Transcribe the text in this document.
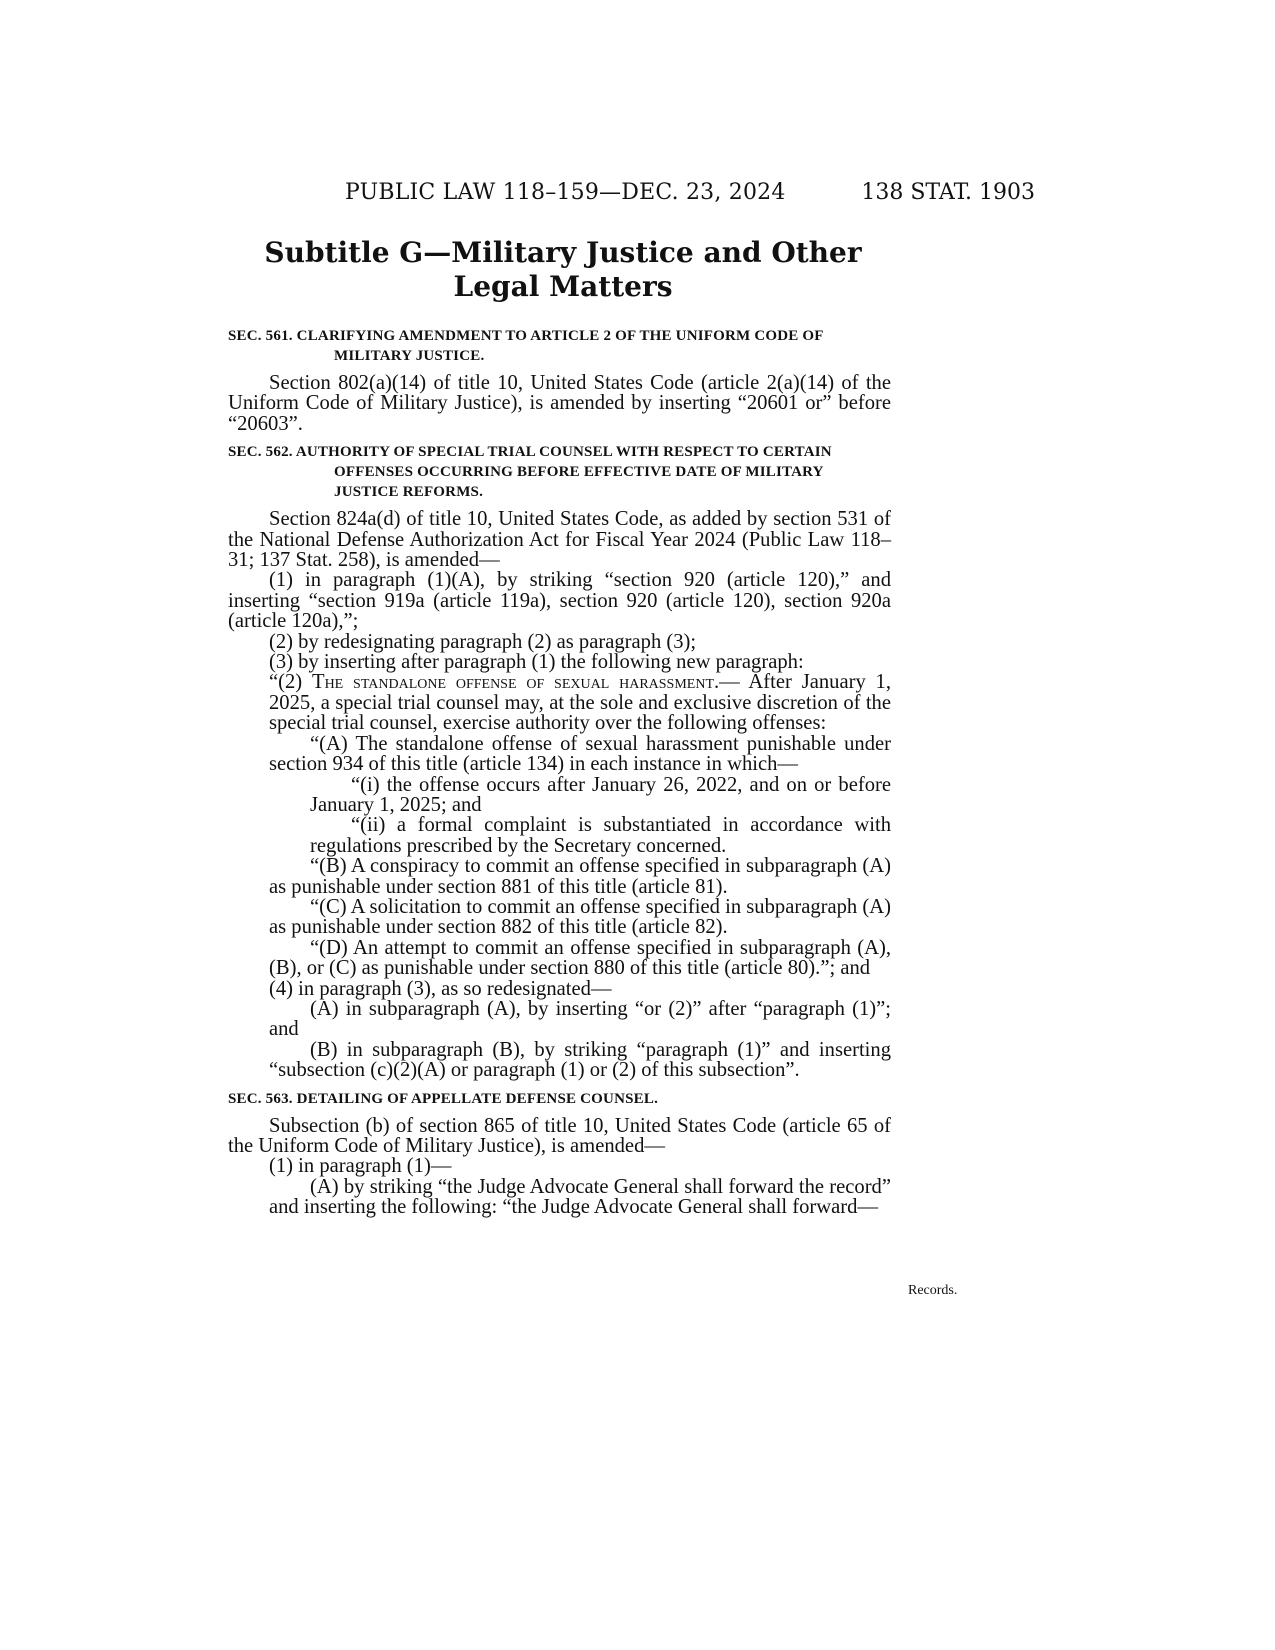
PUBLIC LAW 118–159—DEC. 23, 2024	138 STAT. 1903
Subtitle G—Military Justice and Other
Legal Matters
SEC. 561. CLARIFYING AMENDMENT TO ARTICLE 2 OF THE UNIFORM CODE OF MILITARY JUSTICE.

Section 802(a)(14) of title 10, United States Code (article 2(a)(14) of the Uniform Code of Military Justice), is amended by inserting “20601 or” before “20603”.

SEC. 562. AUTHORITY OF SPECIAL TRIAL COUNSEL WITH RESPECT TO CERTAIN OFFENSES OCCURRING BEFORE EFFECTIVE DATE OF MILITARY JUSTICE REFORMS.

Section 824a(d) of title 10, United States Code, as added by section 531 of the National Defense Authorization Act for Fiscal Year 2024 (Public Law 118–31; 137 Stat. 258), is amended—

(1) in paragraph (1)(A), by striking “section 920 (article 120),” and inserting “section 919a (article 119a), section 920 (article 120), section 920a (article 120a),”;

(2) by redesignating paragraph (2) as paragraph (3);

(3) by inserting after paragraph (1) the following new paragraph:

“(2) The standalone offense of sexual harassment.— After January 1, 2025, a special trial counsel may, at the sole and exclusive discretion of the special trial counsel, exercise authority over the following offenses:

“(A) The standalone offense of sexual harassment punishable under section 934 of this title (article 134) in each instance in which—

“(i) the offense occurs after January 26, 2022, and on or before January 1, 2025; and

“(ii) a formal complaint is substantiated in accordance with regulations prescribed by the Secretary concerned.

“(B) A conspiracy to commit an offense specified in subparagraph (A) as punishable under section 881 of this title (article 81).

“(C) A solicitation to commit an offense specified in subparagraph (A) as punishable under section 882 of this title (article 82).

“(D) An attempt to commit an offense specified in subparagraph (A), (B), or (C) as punishable under section 880 of this title (article 80).”; and

(4) in paragraph (3), as so redesignated—

(A) in subparagraph (A), by inserting “or (2)” after “paragraph (1)”; and

(B) in subparagraph (B), by striking “paragraph (1)” and inserting “subsection (c)(2)(A) or paragraph (1) or (2) of this subsection”.

SEC. 563. DETAILING OF APPELLATE DEFENSE COUNSEL.

Subsection (b) of section 865 of title 10, United States Code (article 65 of the Uniform Code of Military Justice), is amended—

(1) in paragraph (1)—

(A) by striking “the Judge Advocate General shall forward the record” and inserting the following: “the Judge Advocate General shall forward—

Records.
